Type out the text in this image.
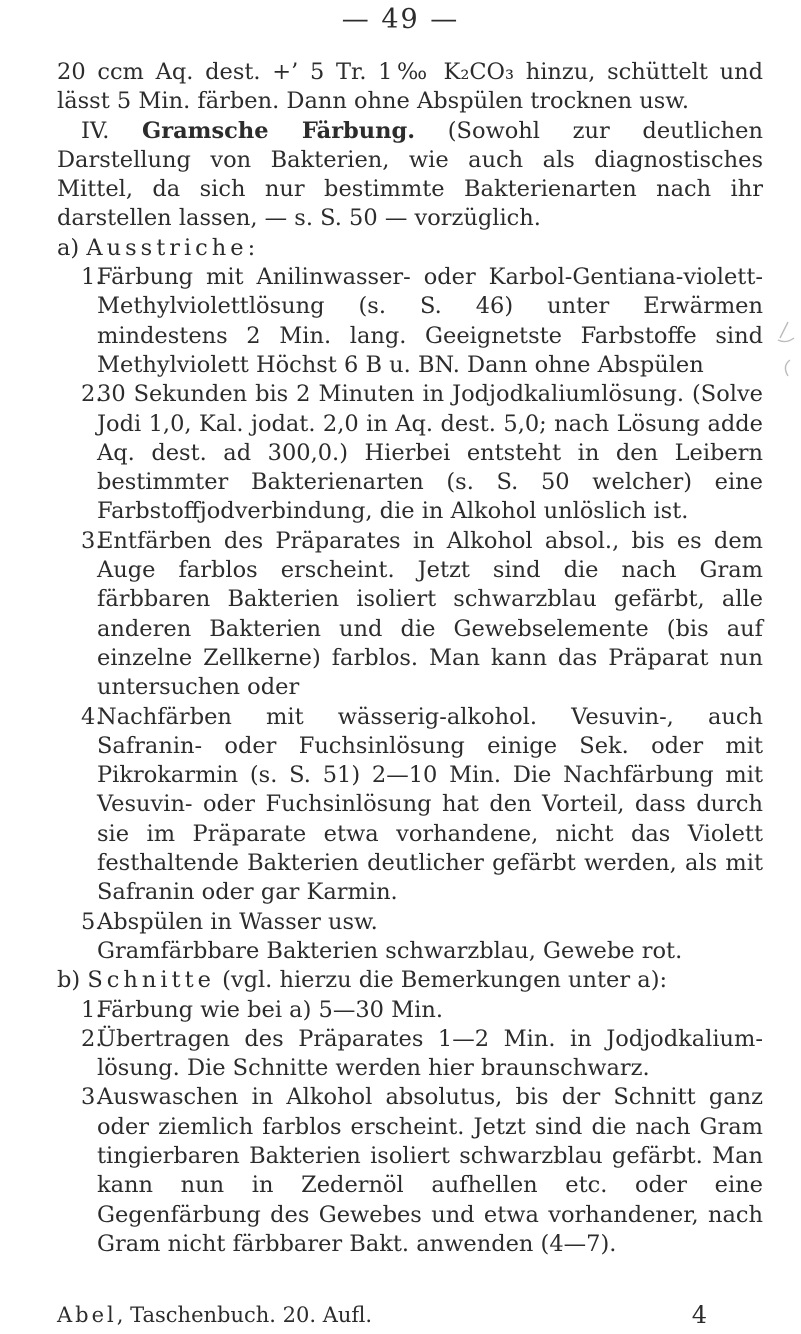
— 49 —

20 ccm Aq. dest. +’ 5 Tr. 1‰ K₂CO₃ hinzu, schüttelt und lässt 5 Min. färben. Dann ohne Abspülen trocknen usw.

IV. Gramsche Färbung. (Sowohl zur deutlichen Darstellung von Bakterien, wie auch als diagnostisches Mittel, da sich nur bestimmte Bakterienarten nach ihr darstellen lassen, — s. S. 50 — vorzüglich.

a) Ausstriche:

1.
Färbung mit Anilinwasser- oder Karbol-Gentiana-violett-Methylviolettlösung (s. S. 46) unter Erwärmen mindestens 2 Min. lang. Geeignetste Farbstoffe sind Methylviolett Höchst 6 B u. BN. Dann ohne Abspülen
2.
30 Sekunden bis 2 Minuten in Jodjodkaliumlösung. (Solve Jodi 1,0, Kal. jodat. 2,0 in Aq. dest. 5,0; nach Lösung adde Aq. dest. ad 300,0.) Hierbei entsteht in den Leibern bestimmter Bakterienarten (s. S. 50 welcher) eine Farbstoffjodverbindung, die in Alkohol unlöslich ist.
3.
Entfärben des Präparates in Alkohol absol., bis es dem Auge farblos erscheint. Jetzt sind die nach Gram färbbaren Bakterien isoliert schwarzblau gefärbt, alle anderen Bakterien und die Gewebselemente (bis auf einzelne Zellkerne) farblos. Man kann das Präparat nun untersuchen oder
4.
Nachfärben mit wässerig-alkohol. Vesuvin-, auch Safranin- oder Fuchsinlösung einige Sek. oder mit Pikrokarmin (s. S. 51) 2—10 Min. Die Nachfärbung mit Vesuvin- oder Fuchsinlösung hat den Vorteil, dass durch sie im Präparate etwa vorhandene, nicht das Violett festhaltende Bakterien deutlicher gefärbt werden, als mit Safranin oder gar Karmin.
5.
Abspülen in Wasser usw.
Gramfärbbare Bakterien schwarzblau, Gewebe rot.

b) Schnitte (vgl. hierzu die Bemerkungen unter a):

1.
Färbung wie bei a) 5—30 Min.
2.
Übertragen des Präparates 1—2 Min. in Jodjodkalium-lösung. Die Schnitte werden hier braunschwarz.
3.
Auswaschen in Alkohol absolutus, bis der Schnitt ganz oder ziemlich farblos erscheint. Jetzt sind die nach Gram tingierbaren Bakterien isoliert schwarzblau gefärbt. Man kann nun in Zedernöl aufhellen etc. oder eine Gegenfärbung des Gewebes und etwa vorhandener, nach Gram nicht färbbarer Bakt. anwenden (4—7).
Abel, Taschenbuch. 20. Aufl.	4
